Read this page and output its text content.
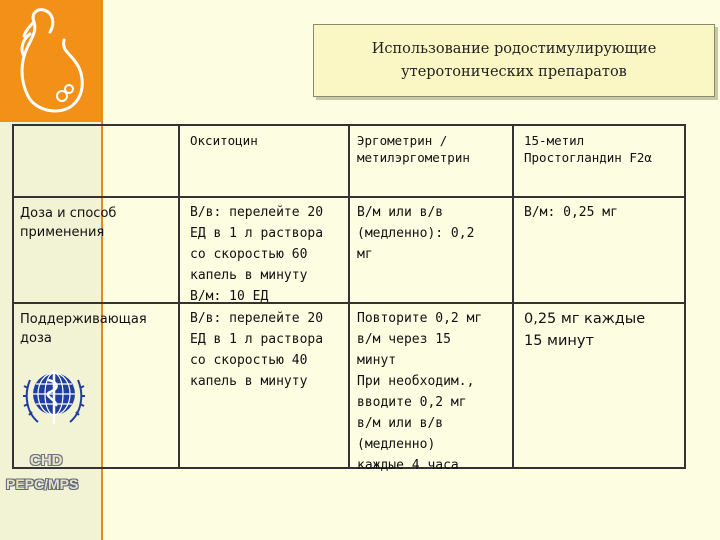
CHD
PEPC/MPS
Использование родостимулирующие
утеротонических препаратов
Окситоцин	Эргометрин /
метилэргометрин
15-метил
Простогландин F2α
Доза и способ
применения
В/в: перелейте 20
ЕД в 1 л раствора
со скоростью 60
капель в минуту
В/м: 10 ЕД
В/м или в/в
(медленно): 0,2
мг
В/м: 0,25 мг
Поддерживающая
доза
В/в: перелейте 20
ЕД в 1 л раствора
со скоростью 40
капель в минуту
Повторите 0,2 мг
в/м через 15
минут
При необходим.,
вводите 0,2 мг
в/м или в/в
(медленно)
каждые 4 часа
0,25 мг каждые
15 минут
